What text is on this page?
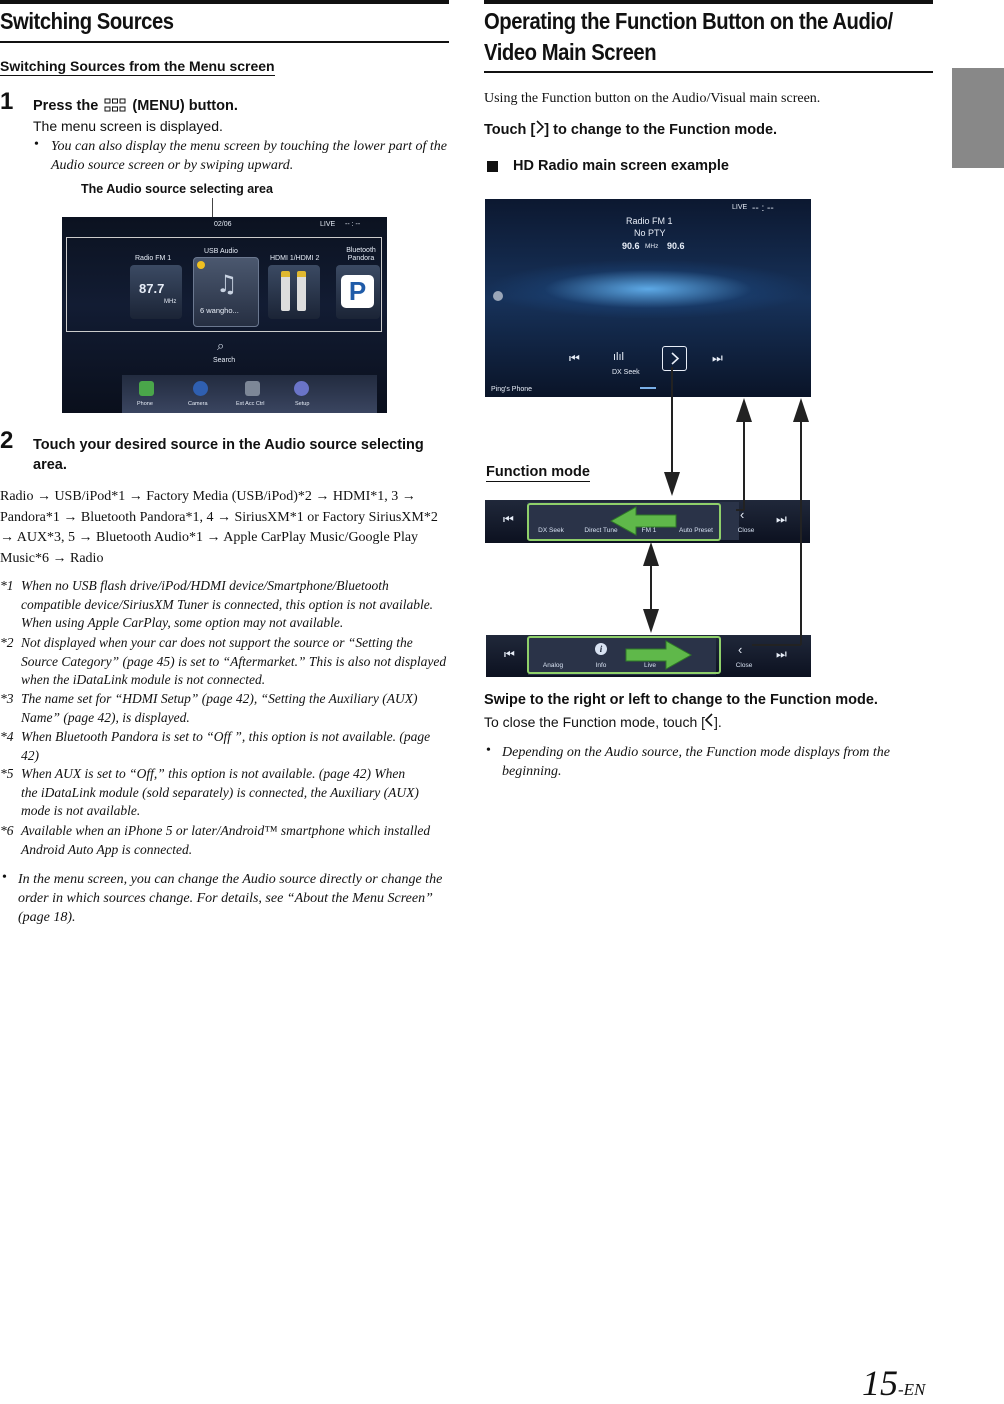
Switching Sources
Switching Sources from the Menu screen
1 Press the (MENU) button.
The menu screen is displayed.
• You can also display the menu screen by touching the lower part of the Audio source screen or by swiping upward.
The Audio source selecting area
02/06	LIVE -- : --
Radio FM 1
87.7
MHz
USB Audio
♫
6 wangho...
HDMI 1/HDMI 2
Bluetooth Pandora
P
⌕
Search
Phone	Camera	Ext Acc Ctrl	Setup
2 Touch your desired source in the Audio source selecting area.
Radio → USB/iPod*1 → Factory Media (USB/iPod)*2 → HDMI*1, 3 → Pandora*1 → Bluetooth Pandora*1, 4 → SiriusXM*1 or Factory SiriusXM*2 → AUX*3, 5 → Bluetooth Audio*1 → Apple CarPlay Music/Google Play Music*6 → Radio
*1 When no USB flash drive/iPod/HDMI device/Smartphone/Bluetooth compatible device/SiriusXM Tuner is connected, this option is not available. When using Apple CarPlay, some option may not available.
*2 Not displayed when your car does not support the source or “Setting the Source Category” (page 45) is set to “Aftermarket.” This is also not displayed when the iDataLink module is not connected.
*3 The name set for “HDMI Setup” (page 42), “Setting the Auxiliary (AUX) Name” (page 42), is displayed.
*4 When Bluetooth Pandora is set to “Off ”, this option is not available. (page 42)
*5 When AUX is set to “Off,” this option is not available. (page 42) When the iDataLink module (sold separately) is connected, the Auxiliary (AUX) mode is not available.
*6 Available when an iPhone 5 or later/Android™ smartphone which installed Android Auto App is connected.
• In the menu screen, you can change the Audio source directly or change the order in which sources change. For details, see “About the Menu Screen” (page 18).
Operating the Function Button on the Audio/
Video Main Screen
Using the Function button on the Audio/Visual main screen.
Touch [ ] to change to the Function mode.
HD Radio main screen example
Radio FM 1
No PTY
90.6 MHz 90.6
LIVE -- : --
⏮	ılıl
DX Seek
⏭
Ping's Phone
Function mode
⏮
DX Seek	Direct Tune	FM 1	Auto Preset	Close
‹	⏭
⏮
Analog
i
Info	Live	Close
‹	⏭
Swipe to the right or left to change to the Function mode.
To close the Function mode, touch [ ].
• Depending on the Audio source, the Function mode displays from the beginning.
15-EN
